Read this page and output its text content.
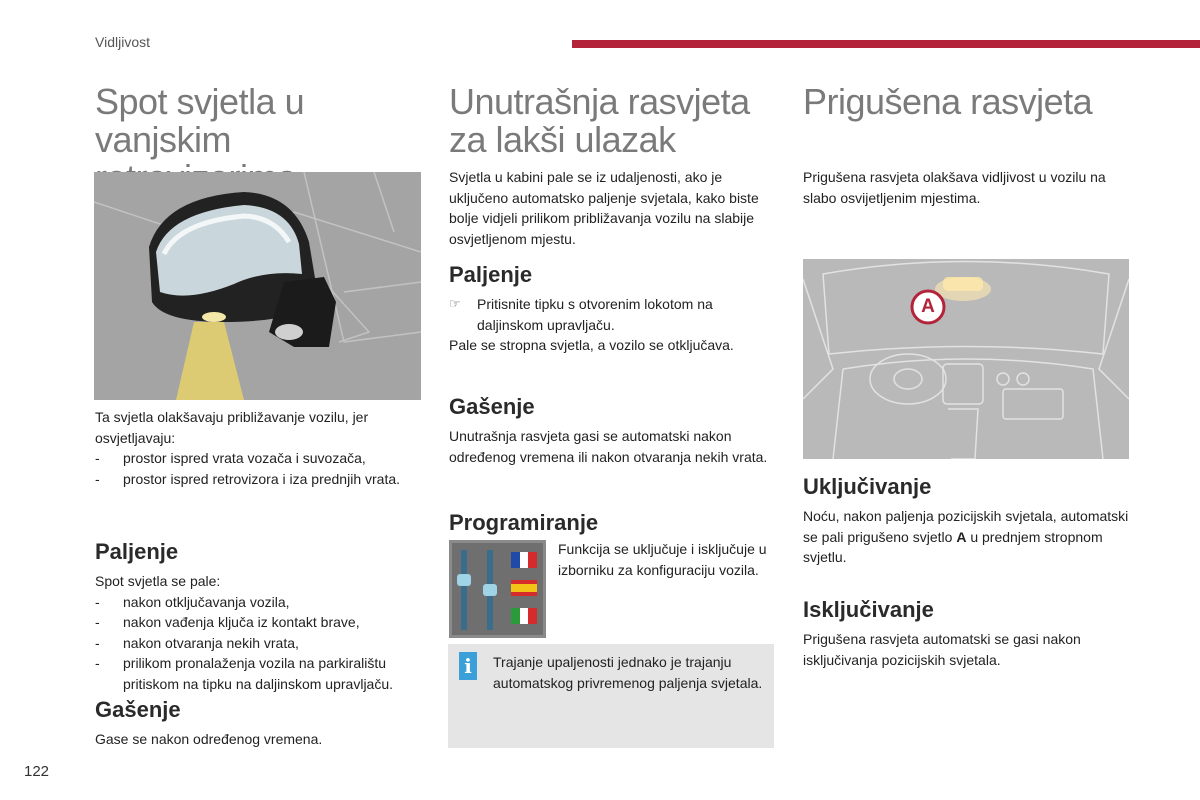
Vidljivost
Spot svjetla u
vanjskim
Ta svjetla olakšavaju približavanje vozilu, jer osvjetljavaju:
- prostor ispred vrata vozača i suvozača,
- prostor ispred retrovizora i iza prednjih vrata.
Paljenje
Spot svjetla se pale:
- nakon otključavanja vozila,
- nakon vađenja ključa iz kontakt brave,
- nakon otvaranja nekih vrata,
- prilikom pronalaženja vozila na parkiralištu pritiskom na tipku na daljinskom upravljaču.
Gašenje
Gase se nakon određenog vremena.
Unutrašnja rasvjeta
za lakši ulazak
Svjetla u kabini pale se iz udaljenosti, ako je uključeno automatsko paljenje svjetala, kako biste bolje vidjeli prilikom približavanja vozilu na slabije osvjetljenom mjestu.
Paljenje
☞ Pritisnite tipku s otvorenim lokotom na daljinskom upravljaču.
Pale se stropna svjetla, a vozilo se otključava.
Gašenje
Unutrašnja rasvjeta gasi se automatski nakon određenog vremena ili nakon otvaranja nekih vrata.
Programiranje
Funkcija se uključuje i isključuje u izborniku za konfiguraciju vozila.
i	Trajanje upaljenosti jednako je trajanju automatskog privremenog paljenja svjetala.
Prigušena rasvjeta
Prigušena rasvjeta olakšava vidljivost u vozilu na slabo osvijetljenim mjestima.
A
Uključivanje
Noću, nakon paljenja pozicijskih svjetala, automatski se pali prigušeno svjetlo A u prednjem stropnom svjetlu.
Isključivanje
Prigušena rasvjeta automatski se gasi nakon isključivanja pozicijskih svjetala.
122
